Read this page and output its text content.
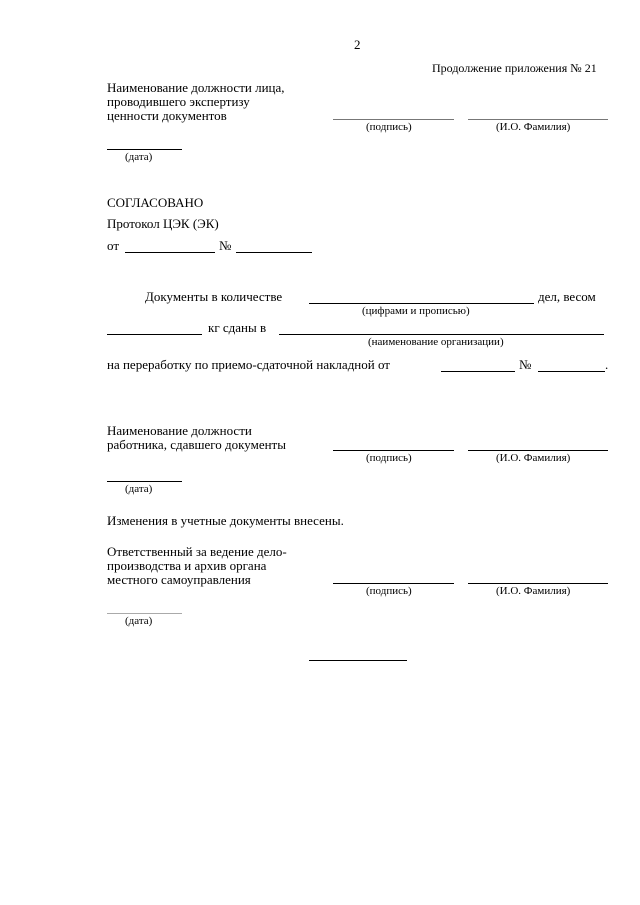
2
Продолжение приложения № 21
Наименование должности лица,
проводившего экспертизу
ценности документов
(подпись)	(И.О. Фамилия)
(дата)
СОГЛАСОВАНО
Протокол ЦЭК (ЭК)
от	№
Документы в количестве	дел, весом
(цифрами и прописью)
кг сданы в
(наименование организации)
на переработку по приемо-сдаточной накладной от	№	.
Наименование должности
работника, сдавшего документы
(подпись)	(И.О. Фамилия)
(дата)
Изменения в учетные документы внесены.
Ответственный за ведение дело-
производства и архив органа
местного самоуправления
(подпись)	(И.О. Фамилия)
(дата)
